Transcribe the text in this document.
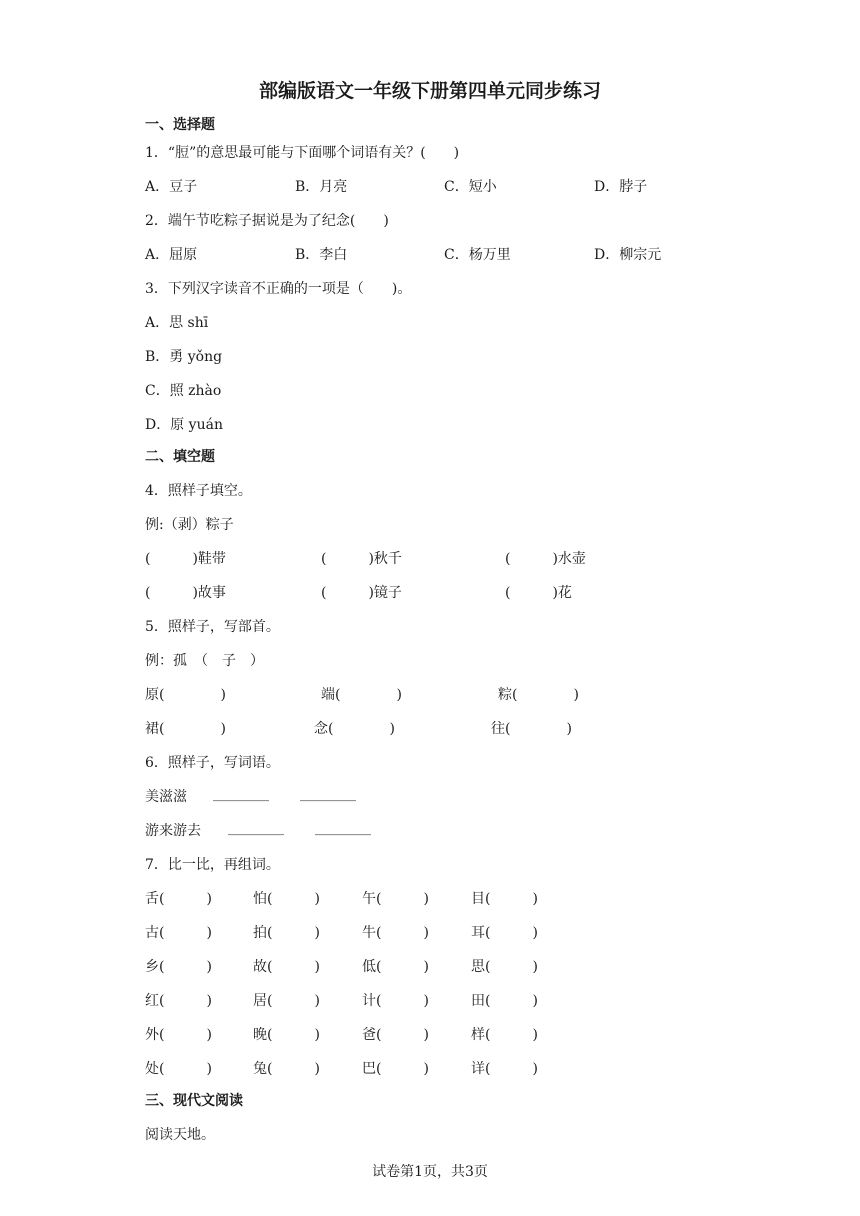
部编版语文一年级下册第四单元同步练习
一、选择题
1．“脰”的意思最可能与下面哪个词语有关？(　　)
A．豆子	B．月亮	C．短小	D．脖子
2．端午节吃粽子据说是为了纪念(　　)
A．屈原	B．李白	C．杨万里	D．柳宗元
3．下列汉字读音不正确的一项是（　　)。
A．思 shī
B．勇 yǒng
C．照 zhào
D．原 yuán
二、填空题
4．照样子填空。
例:（剥）粽子
(　　　)鞋带	(　　　)秋千	(　　　)水壶
(　　　)故事	(　　　)镜子	(　　　)花
5．照样子，写部首。
例：孤　（　子　）
原(　　　　)	端(　　　　)	粽(　　　　)
裙(　　　　)	念(　　　　)	往(　　　　)
6．照样子，写词语。
美滋滋 ________ ________
游来游去 ________ ________
7．比一比，再组词。
舌(　　　)	怕(　　　)	午(　　　)	目(　　　)
古(　　　)	拍(　　　)	牛(　　　)	耳(　　　)
乡(　　　)	故(　　　)	低(　　　)	思(　　　)
红(　　　)	居(　　　)	计(　　　)	田(　　　)
外(　　　)	晚(　　　)	爸(　　　)	样(　　　)
处(　　　)	兔(　　　)	巴(　　　)	详(　　　)
三、现代文阅读
阅读天地。
试卷第1页，共3页
